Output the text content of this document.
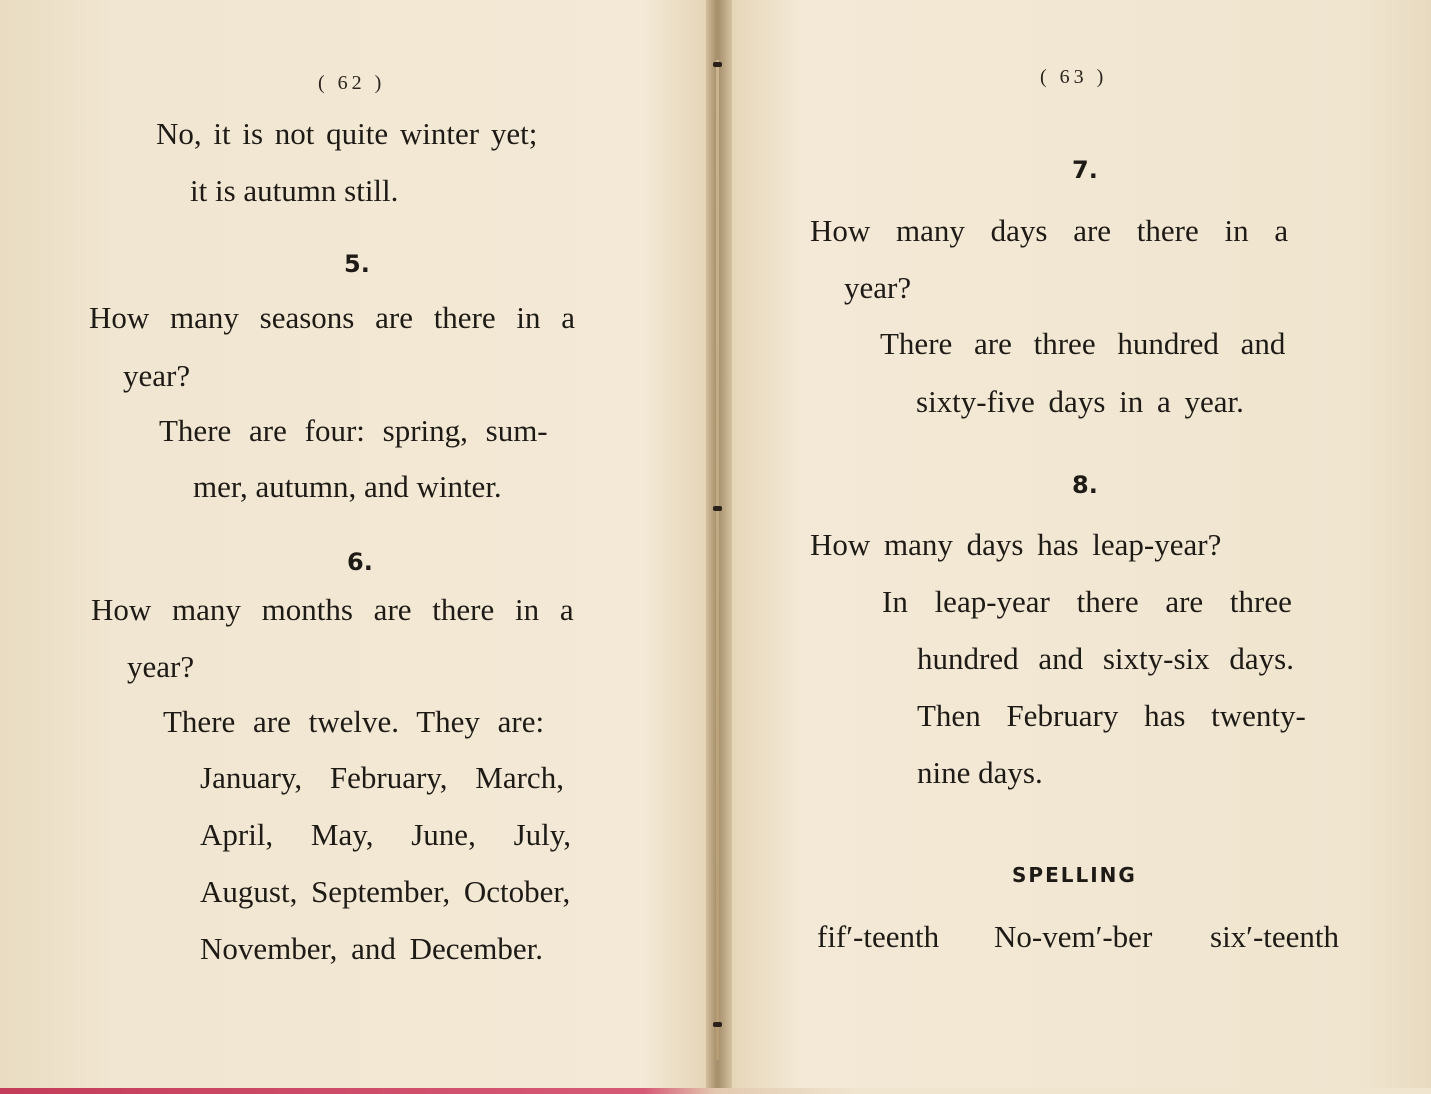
( 62 )
No, it is not quite winter yet;
it is autumn still.
5.
How many seasons are there in a
year?
There are four: spring, sum-
mer, autumn, and winter.
6.
How many months are there in a
year?
There are twelve. They are:
January, February, March,
April, May, June, July,
August, September, October,
November, and December.
( 63 )
7.
How many days are there in a
year?
There are three hundred and
sixty-five days in a year.
8.
How many days has leap-year?
In leap-year there are three
hundred and sixty-six days.
Then February has twenty-
nine days.
SPELLING
fif′-teenth No-vem′-ber six′-teenth
